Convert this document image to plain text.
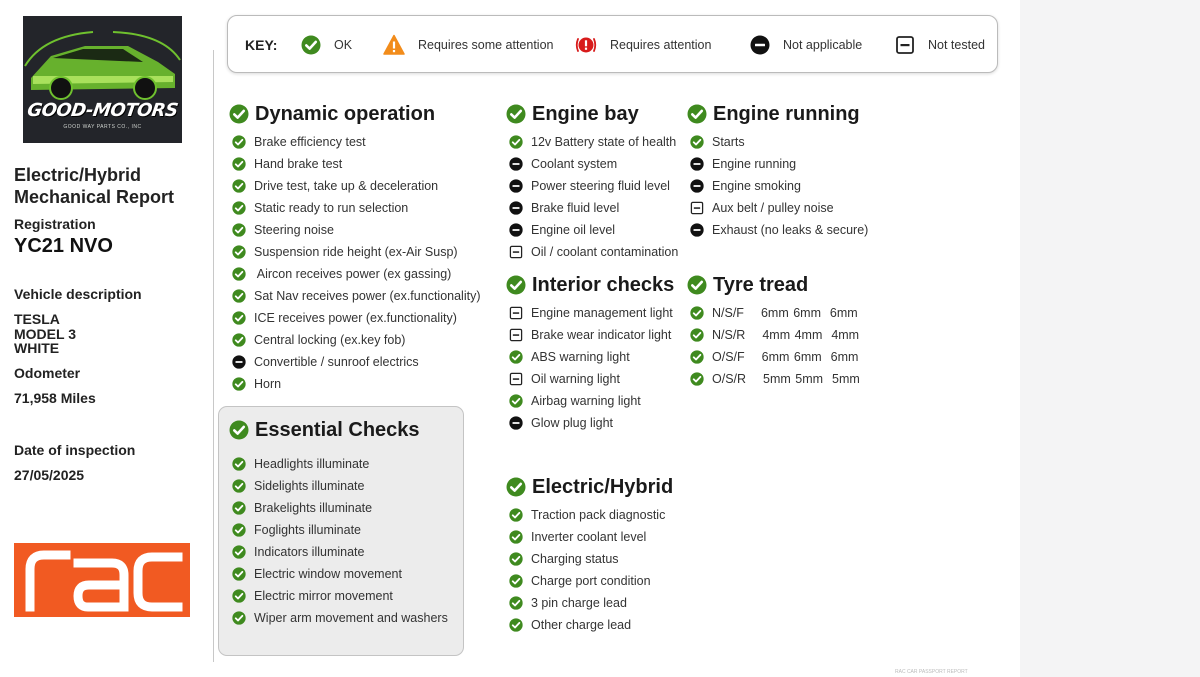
GOOD-MOTORS
GOOD WAY PARTS CO., INC
Electric/Hybrid
Mechanical Report
Registration
YC21 NVO
Vehicle description
TESLA
MODEL 3
WHITE
Odometer
71,958 Miles
Date of inspection
27/05/2025
KEY:	OK	Requires some attention	Requires attention	Not applicable	Not tested
Dynamic operation
Brake efficiency test
Hand brake test
Drive test, take up & deceleration
Static ready to run selection
Steering noise
Suspension ride height (ex-Air Susp)
Aircon receives power (ex gassing)
Sat Nav receives power (ex.functionality)
ICE receives power (ex.functionality)
Central locking (ex.key fob)
Convertible / sunroof electrics
Horn
Essential Checks
Headlights illuminate
Sidelights illuminate
Brakelights illuminate
Foglights illuminate
Indicators illuminate
Electric window movement
Electric mirror movement
Wiper arm movement and washers
Engine bay
12v Battery state of health
Coolant system
Power steering fluid level
Brake fluid level
Engine oil level
Oil / coolant contamination
Interior checks
Engine management light
Brake wear indicator light
ABS warning light
Oil warning light
Airbag warning light
Glow plug light
Electric/Hybrid
Traction pack diagnostic
Inverter coolant level
Charging status
Charge port condition
3 pin charge lead
Other charge lead
Engine running
Starts
Engine running
Engine smoking
Aux belt / pulley noise
Exhaust (no leaks & secure)
Tyre tread
N/S/F 6mm 6mm  6mm
N/S/R 4mm 4mm  4mm
O/S/F 6mm 6mm  6mm
O/S/R 5mm 5mm  5mm
RAC CAR PASSPORT REPORT
